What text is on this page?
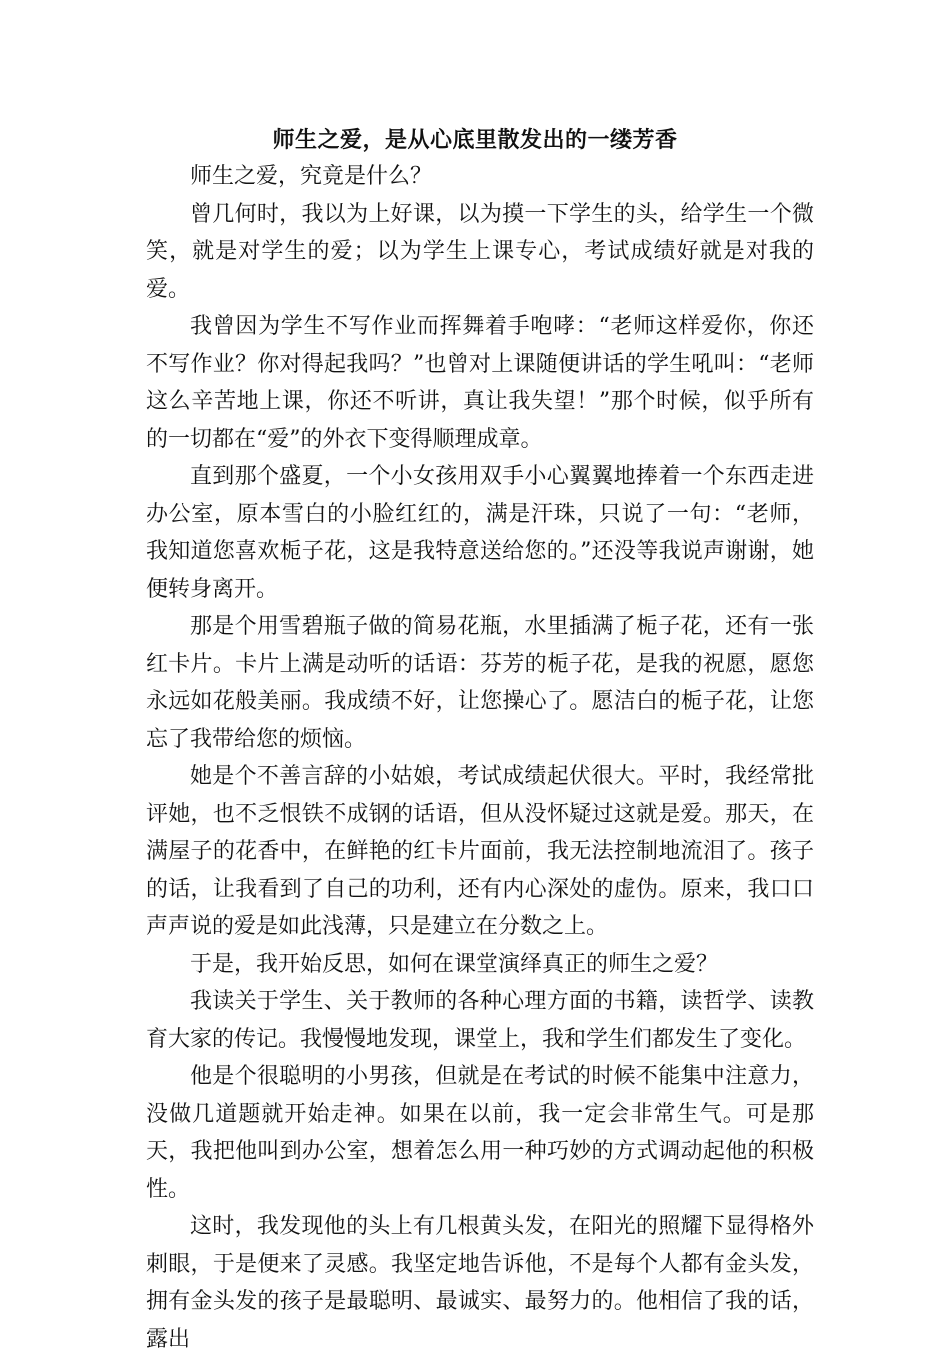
师生之爱，是从心底里散发出的一缕芳香

师生之爱，究竟是什么？

曾几何时，我以为上好课，以为摸一下学生的头，给学生一个微笑，就是对学生的爱；以为学生上课专心，考试成绩好就是对我的爱。

我曾因为学生不写作业而挥舞着手咆哮：“老师这样爱你，你还不写作业？你对得起我吗？”也曾对上课随便讲话的学生吼叫：“老师这么辛苦地上课，你还不听讲，真让我失望！”那个时候，似乎所有的一切都在“爱”的外衣下变得顺理成章。

直到那个盛夏，一个小女孩用双手小心翼翼地捧着一个东西走进办公室，原本雪白的小脸红红的，满是汗珠，只说了一句：“老师，我知道您喜欢栀子花，这是我特意送给您的。”还没等我说声谢谢，她便转身离开。

那是个用雪碧瓶子做的简易花瓶，水里插满了栀子花，还有一张红卡片。卡片上满是动听的话语：芬芳的栀子花，是我的祝愿，愿您永远如花般美丽。我成绩不好，让您操心了。愿洁白的栀子花，让您忘了我带给您的烦恼。

她是个不善言辞的小姑娘，考试成绩起伏很大。平时，我经常批评她，也不乏恨铁不成钢的话语，但从没怀疑过这就是爱。那天，在满屋子的花香中，在鲜艳的红卡片面前，我无法控制地流泪了。孩子的话，让我看到了自己的功利，还有内心深处的虚伪。原来，我口口声声说的爱是如此浅薄，只是建立在分数之上。

于是，我开始反思，如何在课堂演绎真正的师生之爱？

我读关于学生、关于教师的各种心理方面的书籍，读哲学、读教育大家的传记。我慢慢地发现，课堂上，我和学生们都发生了变化。

他是个很聪明的小男孩，但就是在考试的时候不能集中注意力，没做几道题就开始走神。如果在以前，我一定会非常生气。可是那天，我把他叫到办公室，想着怎么用一种巧妙的方式调动起他的积极性。

这时，我发现他的头上有几根黄头发，在阳光的照耀下显得格外刺眼，于是便来了灵感。我坚定地告诉他，不是每个人都有金头发，拥有金头发的孩子是最聪明、最诚实、最努力的。他相信了我的话，露出
